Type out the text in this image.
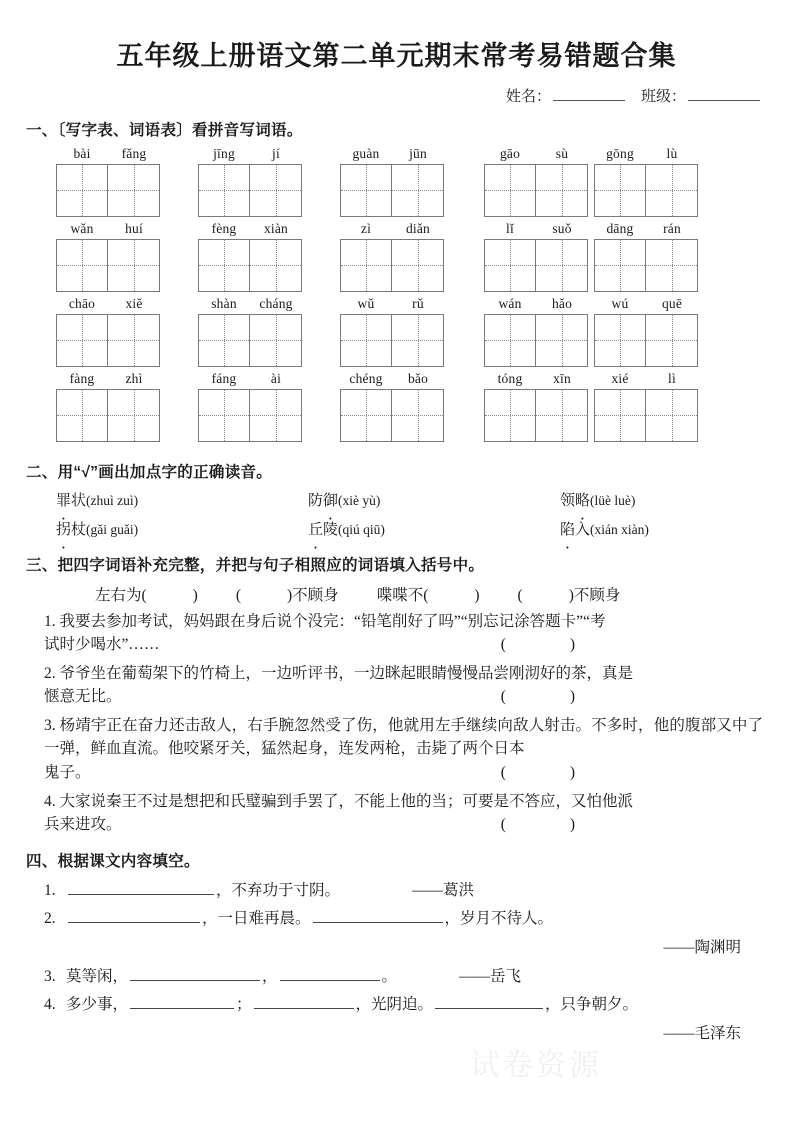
试卷资源
五年级上册语文第二单元期末常考易错题合集
姓名：	班级：
一、〔写字表、词语表〕看拼音写词语。
bài	fǎng	jīng	jí	guàn	jūn	gāo	sù	gōng	lù
wǎn	huí	fèng	xiàn	zì	diǎn	lǐ	suǒ	dāng	rán
chāo	xiě	shàn	cháng	wǔ	rǔ	wán	hǎo	wú	quē
fàng	zhì	fáng	ài	chéng	bǎo	tóng	xīn	xié	lì
二、用“√”画出加点字的正确读音。
罪状(zhuì zuì)	防御(xiè yù)	领略(lüè luè)
拐杖(gǎi guǎi)	丘陵(qiú qiū)	陷入(xián xiàn)
三、把四字词语补充完整，并把与句子相照应的词语填入括号中。
左右为(	) (	)不顾身 喋喋不(	) (	)不顾身
1. 我要去参加考试，妈妈跟在身后说个没完：“铅笔削好了吗”“别忘记涂答题卡”“考
试时少喝水”……	( )
2. 爷爷坐在葡萄架下的竹椅上，一边听评书，一边眯起眼睛慢慢品尝刚沏好的茶，真是
惬意无比。	( )
3. 杨靖宇正在奋力还击敌人，右手腕忽然受了伤，他就用左手继续向敌人射击。不多时，他的腹部又中了一弹，鲜血直流。他咬紧牙关，猛然起身，连发两枪，击毙了两个日本
鬼子。	( )
4. 大家说秦王不过是想把和氏璧骗到手罢了，不能上他的当；可要是不答应，又怕他派
兵来进攻。	( )
四、根据课文内容填空。
1.	，不弃功于寸阴。	——葛洪
2.	，一日难再晨。	，岁月不待人。
——陶渊明
3. 莫等闲，	，	。	——岳飞
4. 多少事，	；	，光阴迫。	，只争朝夕。
——毛泽东
